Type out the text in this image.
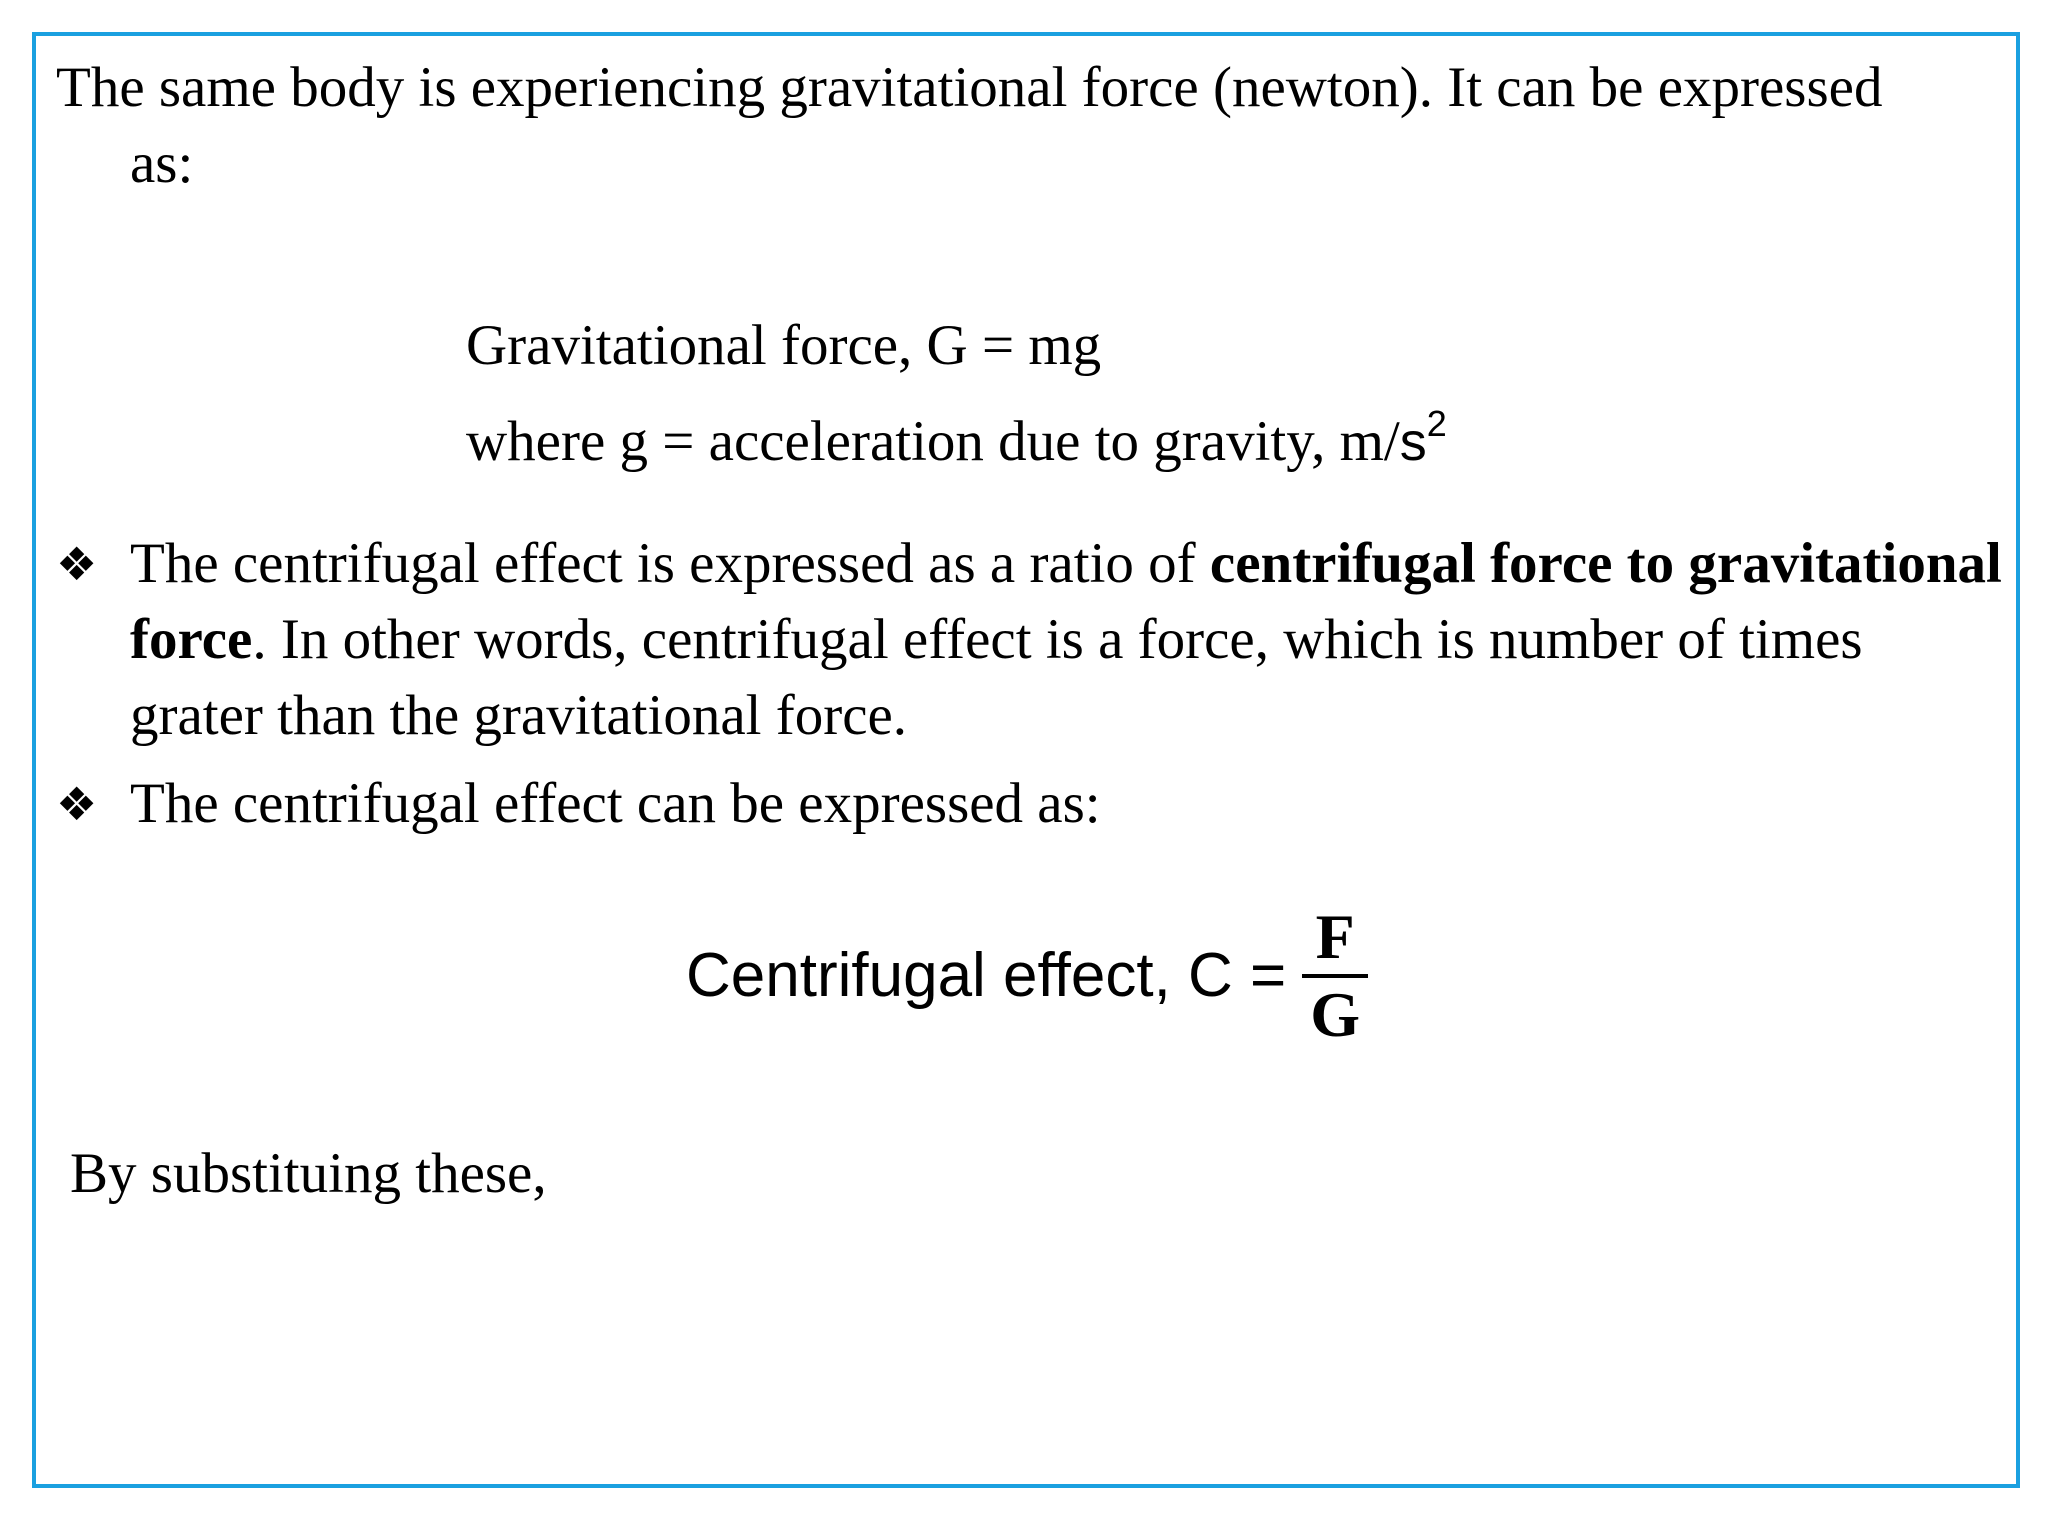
The same body is experiencing gravitational force (newton). It can be expressed as:

Gravitational force, G = mg
where g = acceleration due to gravity, $m/s^2$
❖ The centrifugal effect is expressed as a ratio of centrifugal force to gravitational force. In other words, centrifugal effect is a force, which is number of times grater than the gravitational force.
❖ The centrifugal effect can be expressed as:
Centrifugal effect, $C = \frac{F}{G}$
By substituing these,
